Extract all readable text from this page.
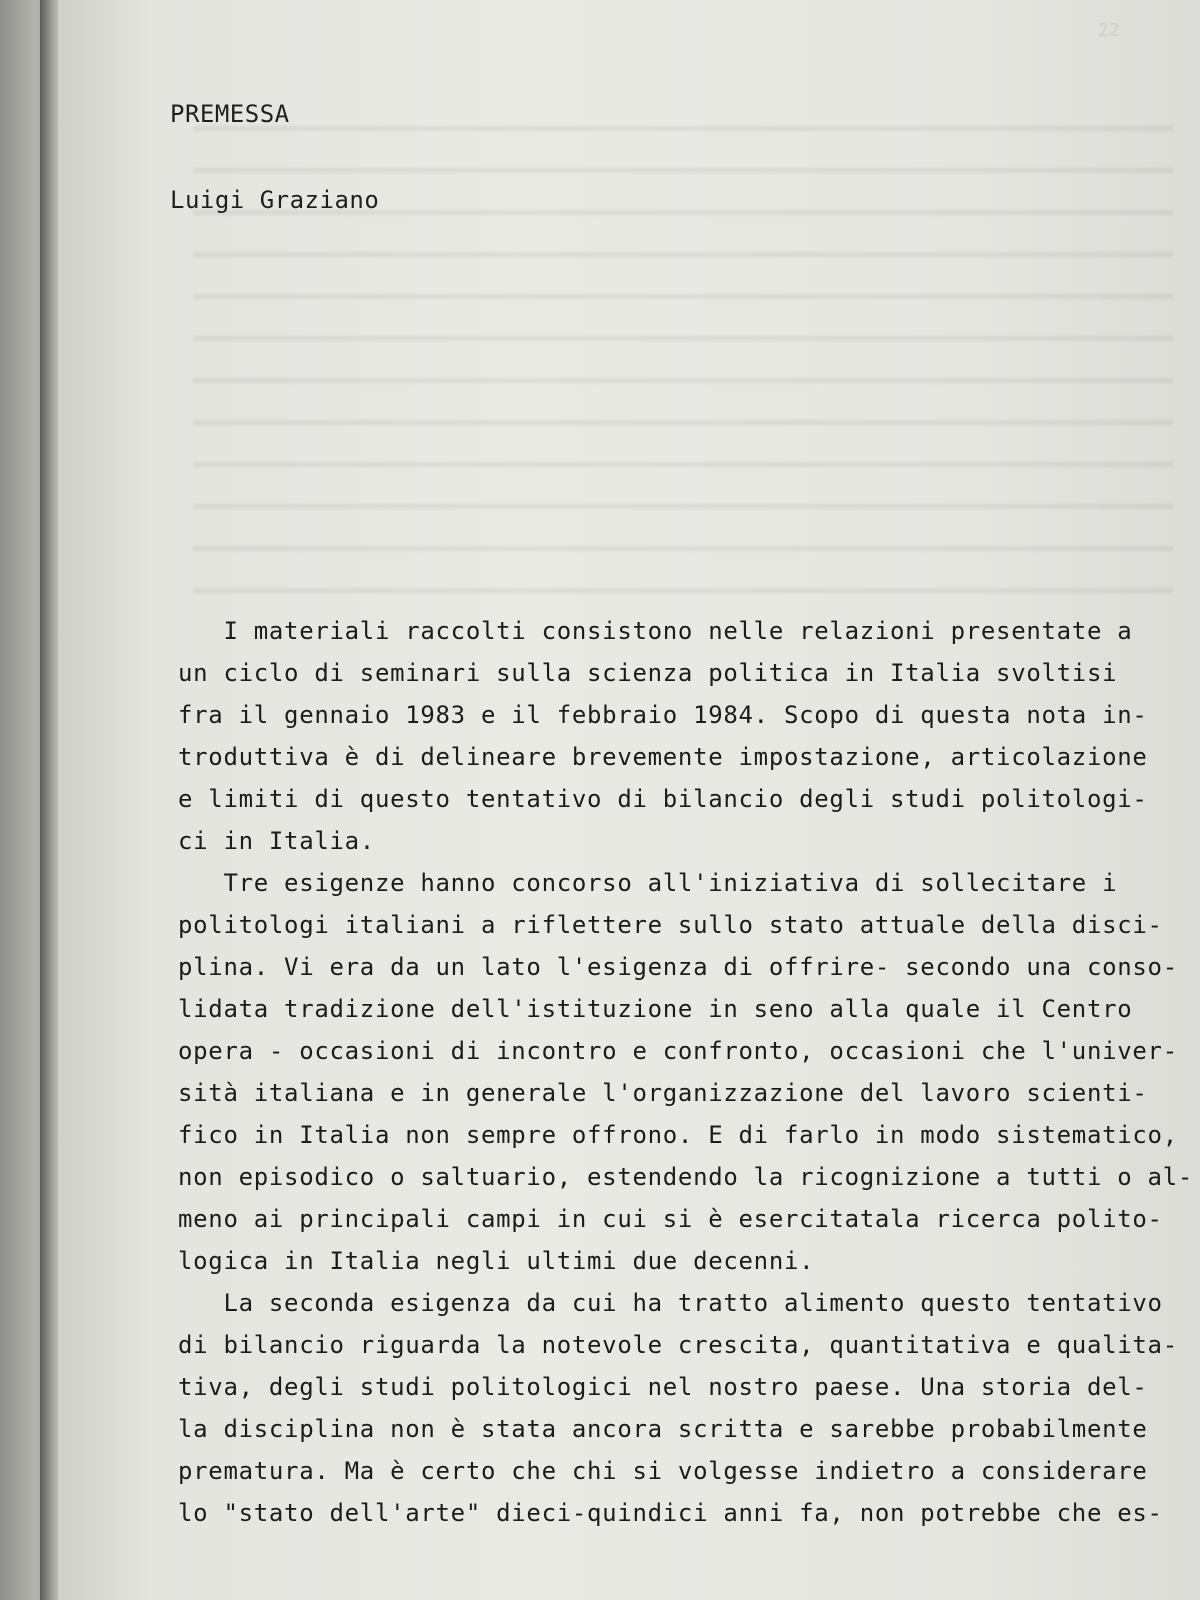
22
PREMESSA
Luigi Graziano
I materiali raccolti consistono nelle relazioni presentate a
un ciclo di seminari sulla scienza politica in Italia svoltisi
fra il gennaio 1983 e il febbraio 1984. Scopo di questa nota in-
troduttiva è di delineare brevemente impostazione, articolazione
e limiti di questo tentativo di bilancio degli studi politologi-
ci in Italia.
Tre esigenze hanno concorso all'iniziativa di sollecitare i
politologi italiani a riflettere sullo stato attuale della disci-
plina. Vi era da un lato l'esigenza di offrire- secondo una conso-
lidata tradizione dell'istituzione in seno alla quale il Centro
opera - occasioni di incontro e confronto, occasioni che l'univer-
sità italiana e in generale l'organizzazione del lavoro scienti-
fico in Italia non sempre offrono. E di farlo in modo sistematico,
non episodico o saltuario, estendendo la ricognizione a tutti o al-
meno ai principali campi in cui si è esercitatala ricerca polito-
logica in Italia negli ultimi due decenni.
La seconda esigenza da cui ha tratto alimento questo tentativo
di bilancio riguarda la notevole crescita, quantitativa e qualita-
tiva, degli studi politologici nel nostro paese. Una storia del-
la disciplina non è stata ancora scritta e sarebbe probabilmente
prematura. Ma è certo che chi si volgesse indietro a considerare
lo "stato dell'arte" dieci-quindici anni fa, non potrebbe che es-
